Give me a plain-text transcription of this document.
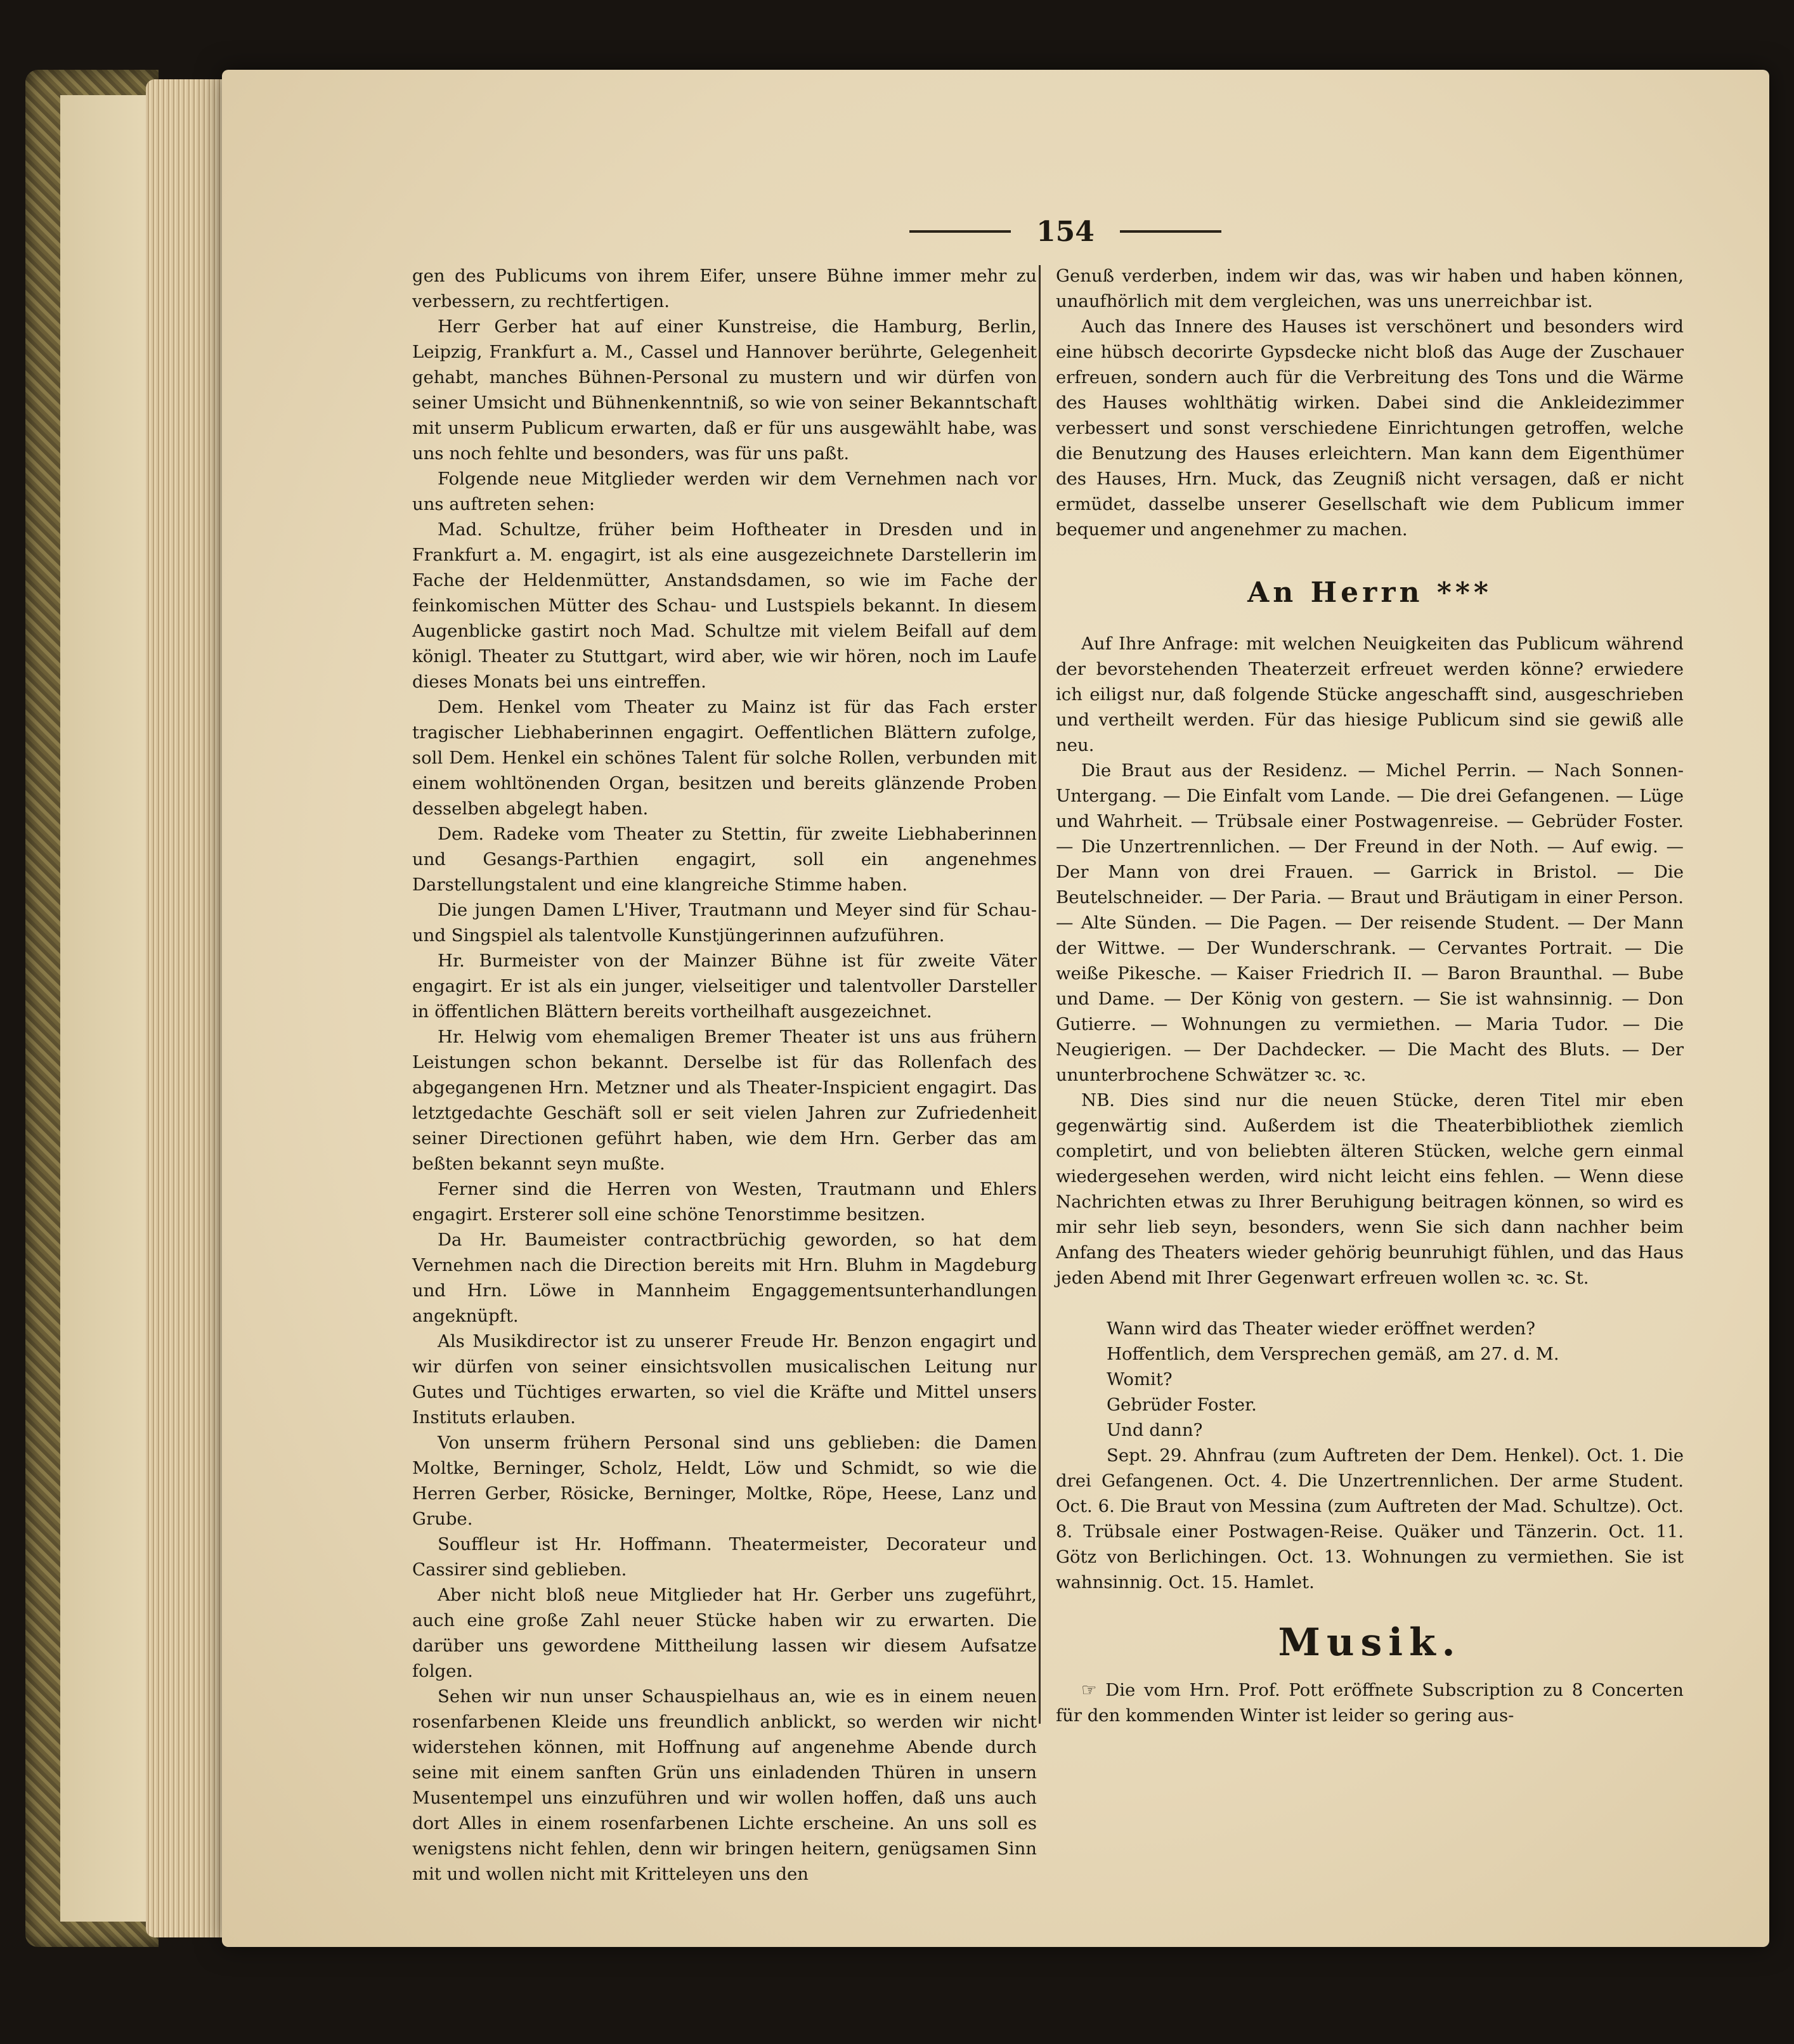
154

gen des Publicums von ihrem Eifer, unsere Bühne immer mehr zu verbessern, zu rechtfertigen.

Herr Gerber hat auf einer Kunstreise, die Hamburg, Berlin, Leipzig, Frankfurt a. M., Cassel und Hannover berührte, Gelegenheit gehabt, manches Bühnen-Personal zu mustern und wir dürfen von seiner Umsicht und Bühnenkenntniß, so wie von seiner Bekanntschaft mit unserm Publicum erwarten, daß er für uns ausgewählt habe, was uns noch fehlte und besonders, was für uns paßt.

Folgende neue Mitglieder werden wir dem Vernehmen nach vor uns auftreten sehen:

Mad. Schultze, früher beim Hoftheater in Dresden und in Frankfurt a. M. engagirt, ist als eine ausgezeichnete Darstellerin im Fache der Heldenmütter, Anstandsdamen, so wie im Fache der feinkomischen Mütter des Schau- und Lustspiels bekannt. In diesem Augenblicke gastirt noch Mad. Schultze mit vielem Beifall auf dem königl. Theater zu Stuttgart, wird aber, wie wir hören, noch im Laufe dieses Monats bei uns eintreffen.

Dem. Henkel vom Theater zu Mainz ist für das Fach erster tragischer Liebhaberinnen engagirt. Oeffentlichen Blättern zufolge, soll Dem. Henkel ein schönes Talent für solche Rollen, verbunden mit einem wohltönenden Organ, besitzen und bereits glänzende Proben desselben abgelegt haben.

Dem. Radeke vom Theater zu Stettin, für zweite Liebhaberinnen und Gesangs-Parthien engagirt, soll ein angenehmes Darstellungstalent und eine klangreiche Stimme haben.

Die jungen Damen L'Hiver, Trautmann und Meyer sind für Schau- und Singspiel als talentvolle Kunstjüngerinnen aufzuführen.

Hr. Burmeister von der Mainzer Bühne ist für zweite Väter engagirt. Er ist als ein junger, vielseitiger und talentvoller Darsteller in öffentlichen Blättern bereits vortheilhaft ausgezeichnet.

Hr. Helwig vom ehemaligen Bremer Theater ist uns aus frühern Leistungen schon bekannt. Derselbe ist für das Rollenfach des abgegangenen Hrn. Metzner und als Theater-Inspicient engagirt. Das letztgedachte Geschäft soll er seit vielen Jahren zur Zufriedenheit seiner Directionen geführt haben, wie dem Hrn. Gerber das am beßten bekannt seyn mußte.

Ferner sind die Herren von Westen, Trautmann und Ehlers engagirt. Ersterer soll eine schöne Tenorstimme besitzen.

Da Hr. Baumeister contractbrüchig geworden, so hat dem Vernehmen nach die Direction bereits mit Hrn. Bluhm in Magdeburg und Hrn. Löwe in Mannheim Engaggementsunterhandlungen angeknüpft.

Als Musikdirector ist zu unserer Freude Hr. Benzon engagirt und wir dürfen von seiner einsichtsvollen musicalischen Leitung nur Gutes und Tüchtiges erwarten, so viel die Kräfte und Mittel unsers Instituts erlauben.

Von unserm frühern Personal sind uns geblieben: die Damen Moltke, Berninger, Scholz, Heldt, Löw und Schmidt, so wie die Herren Gerber, Rösicke, Berninger, Moltke, Röpe, Heese, Lanz und Grube.

Souffleur ist Hr. Hoffmann. Theatermeister, Decorateur und Cassirer sind geblieben.

Aber nicht bloß neue Mitglieder hat Hr. Gerber uns zugeführt, auch eine große Zahl neuer Stücke haben wir zu erwarten. Die darüber uns gewordene Mittheilung lassen wir diesem Aufsatze folgen.

Sehen wir nun unser Schauspielhaus an, wie es in einem neuen rosenfarbenen Kleide uns freundlich anblickt, so werden wir nicht widerstehen können, mit Hoffnung auf angenehme Abende durch seine mit einem sanften Grün uns einladenden Thüren in unsern Musentempel uns einzuführen und wir wollen hoffen, daß uns auch dort Alles in einem rosenfarbenen Lichte erscheine. An uns soll es wenigstens nicht fehlen, denn wir bringen heitern, genügsamen Sinn mit und wollen nicht mit Kritteleyen uns den

Genuß verderben, indem wir das, was wir haben und haben können, unaufhörlich mit dem vergleichen, was uns unerreichbar ist.

Auch das Innere des Hauses ist verschönert und besonders wird eine hübsch decorirte Gypsdecke nicht bloß das Auge der Zuschauer erfreuen, sondern auch für die Verbreitung des Tons und die Wärme des Hauses wohlthätig wirken. Dabei sind die Ankleidezimmer verbessert und sonst verschiedene Einrichtungen getroffen, welche die Benutzung des Hauses erleichtern. Man kann dem Eigenthümer des Hauses, Hrn. Muck, das Zeugniß nicht versagen, daß er nicht ermüdet, dasselbe unserer Gesellschaft wie dem Publicum immer bequemer und angenehmer zu machen.

An Herrn ***

Auf Ihre Anfrage: mit welchen Neuigkeiten das Publicum während der bevorstehenden Theaterzeit erfreuet werden könne? erwiedere ich eiligst nur, daß folgende Stücke angeschafft sind, ausgeschrieben und vertheilt werden. Für das hiesige Publicum sind sie gewiß alle neu.

Die Braut aus der Residenz. — Michel Perrin. — Nach Sonnen-Untergang. — Die Einfalt vom Lande. — Die drei Gefangenen. — Lüge und Wahrheit. — Trübsale einer Postwagenreise. — Gebrüder Foster. — Die Unzertrennlichen. — Der Freund in der Noth. — Auf ewig. — Der Mann von drei Frauen. — Garrick in Bristol. — Die Beutelschneider. — Der Paria. — Braut und Bräutigam in einer Person. — Alte Sünden. — Die Pagen. — Der reisende Student. — Der Mann der Wittwe. — Der Wunderschrank. — Cervantes Portrait. — Die weiße Pikesche. — Kaiser Friedrich II. — Baron Braunthal. — Bube und Dame. — Der König von gestern. — Sie ist wahnsinnig. — Don Gutierre. — Wohnungen zu vermiethen. — Maria Tudor. — Die Neugierigen. — Der Dachdecker. — Die Macht des Bluts. — Der ununterbrochene Schwätzer ꝛc. ꝛc.

NB. Dies sind nur die neuen Stücke, deren Titel mir eben gegenwärtig sind. Außerdem ist die Theaterbibliothek ziemlich completirt, und von beliebten älteren Stücken, welche gern einmal wiedergesehen werden, wird nicht leicht eins fehlen. — Wenn diese Nachrichten etwas zu Ihrer Beruhigung beitragen können, so wird es mir sehr lieb seyn, besonders, wenn Sie sich dann nachher beim Anfang des Theaters wieder gehörig beunruhigt fühlen, und das Haus jeden Abend mit Ihrer Gegenwart erfreuen wollen ꝛc. ꝛc. St.

Wann wird das Theater wieder eröffnet werden?

Hoffentlich, dem Versprechen gemäß, am 27. d. M.

Womit?

Gebrüder Foster.

Und dann?

Sept. 29. Ahnfrau (zum Auftreten der Dem. Henkel). Oct. 1. Die drei Gefangenen. Oct. 4. Die Unzertrennlichen. Der arme Student. Oct. 6. Die Braut von Messina (zum Auftreten der Mad. Schultze). Oct. 8. Trübsale einer Postwagen-Reise. Quäker und Tänzerin. Oct. 11. Götz von Berlichingen. Oct. 13. Wohnungen zu vermiethen. Sie ist wahnsinnig. Oct. 15. Hamlet.

Musik.

☞ Die vom Hrn. Prof. Pott eröffnete Subscription zu 8 Concerten für den kommenden Winter ist leider so gering aus-
